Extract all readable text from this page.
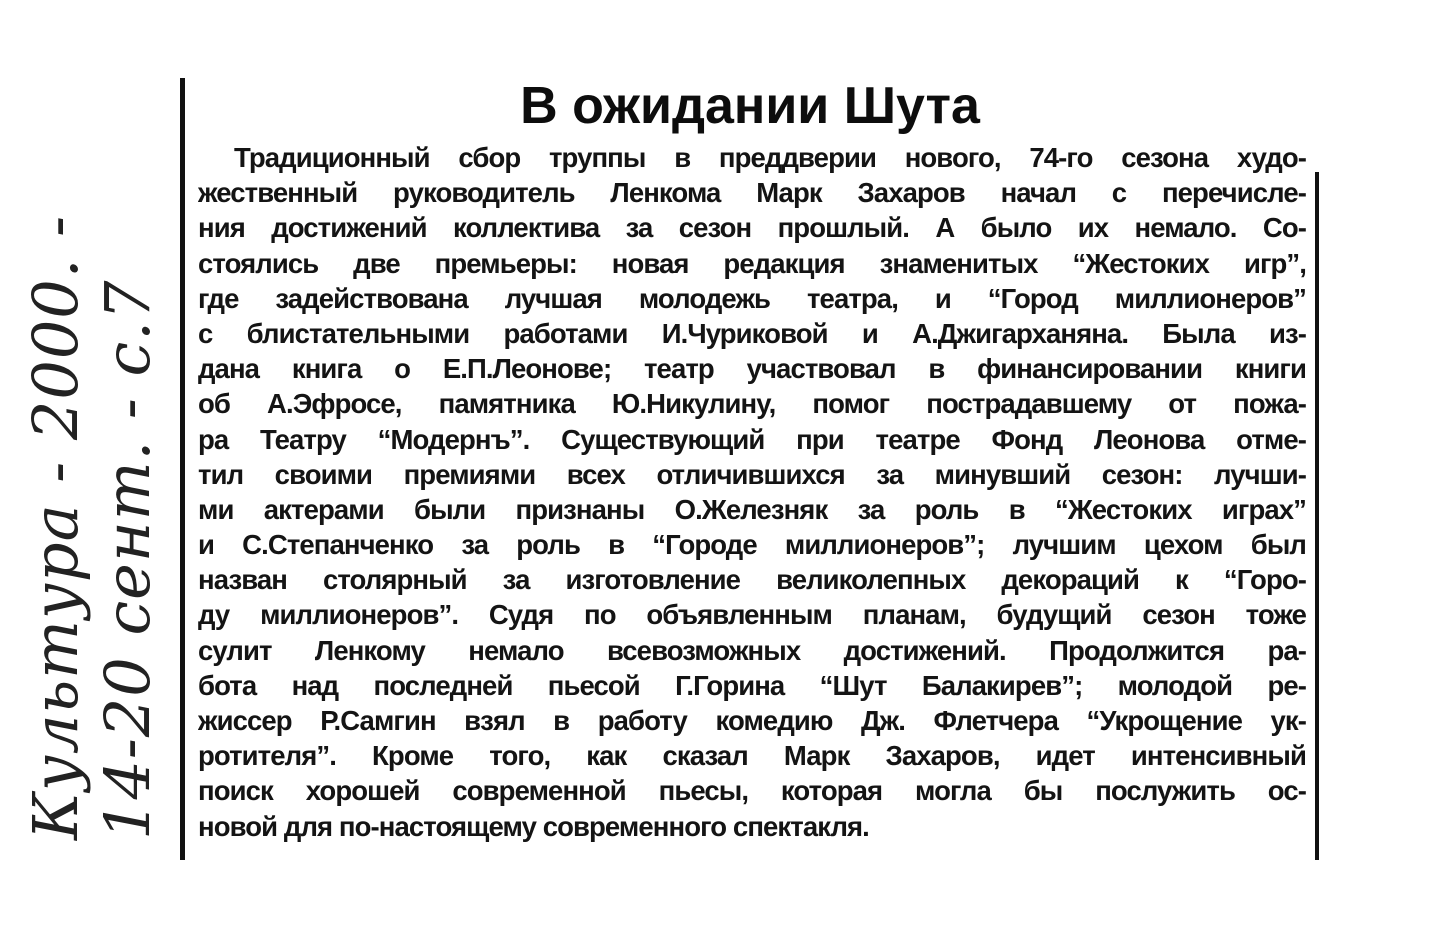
Культура - 2000. - 14-20 сент. - с.7
В ожидании Шута
Традиционный сбор труппы в преддверии нового, 74-го сезона худо-
жественный руководитель Ленкома Марк Захаров начал с перечисле-
ния достижений коллектива за сезон прошлый. А было их немало. Со-
стоялись две премьеры: новая редакция знаменитых “Жестоких игр”,
где задействована лучшая молодежь театра, и “Город миллионеров”
с блистательными работами И.Чуриковой и А.Джигарханяна. Была из-
дана книга о Е.П.Леонове; театр участвовал в финансировании книги
об А.Эфросе, памятника Ю.Никулину, помог пострадавшему от пожа-
ра Театру “Модернъ”. Существующий при театре Фонд Леонова отме-
тил своими премиями всех отличившихся за минувший сезон: лучши-
ми актерами были признаны О.Железняк за роль в “Жестоких играх”
и С.Степанченко за роль в “Городе миллионеров”; лучшим цехом был
назван столярный за изготовление великолепных декораций к “Горо-
ду миллионеров”. Судя по объявленным планам, будущий сезон тоже
сулит Ленкому немало всевозможных достижений. Продолжится ра-
бота над последней пьесой Г.Горина “Шут Балакирев”; молодой ре-
жиссер Р.Самгин взял в работу комедию Дж. Флетчера “Укрощение ук-
ротителя”. Кроме того, как сказал Марк Захаров, идет интенсивный
поиск хорошей современной пьесы, которая могла бы послужить ос-
новой для по-настоящему современного спектакля.
